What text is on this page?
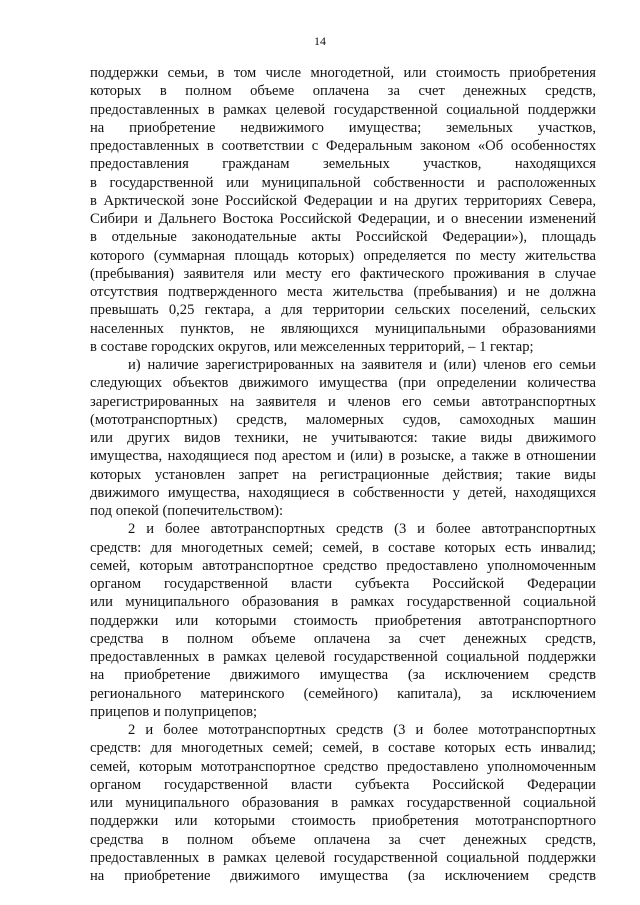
14
поддержки семьи, в том числе многодетной, или стоимость приобретения
которых в полном объеме оплачена за счет денежных средств,
предоставленных в рамках целевой государственной социальной поддержки
на приобретение недвижимого имущества; земельных участков,
предоставленных в соответствии с Федеральным законом «Об особенностях
предоставления гражданам земельных участков, находящихся
в государственной или муниципальной собственности и расположенных
в Арктической зоне Российской Федерации и на других территориях Севера,
Сибири и Дальнего Востока Российской Федерации, и о внесении изменений
в отдельные законодательные акты Российской Федерации»), площадь
которого (суммарная площадь которых) определяется по месту жительства
(пребывания) заявителя или месту его фактического проживания в случае
отсутствия подтвержденного места жительства (пребывания) и не должна
превышать 0,25 гектара, а для территории сельских поселений, сельских
населенных пунктов, не являющихся муниципальными образованиями
в составе городских округов, или межселенных территорий, – 1 гектар;
и) наличие зарегистрированных на заявителя и (или) членов его семьи
следующих объектов движимого имущества (при определении количества
зарегистрированных на заявителя и членов его семьи автотранспортных
(мототранспортных) средств, маломерных судов, самоходных машин
или других видов техники, не учитываются: такие виды движимого
имущества, находящиеся под арестом и (или) в розыске, а также в отношении
которых установлен запрет на регистрационные действия; такие виды
движимого имущества, находящиеся в собственности у детей, находящихся
под опекой (попечительством):
2 и более автотранспортных средств (3 и более автотранспортных
средств: для многодетных семей; семей, в составе которых есть инвалид;
семей, которым автотранспортное средство предоставлено уполномоченным
органом государственной власти субъекта Российской Федерации
или муниципального образования в рамках государственной социальной
поддержки или которыми стоимость приобретения автотранспортного
средства в полном объеме оплачена за счет денежных средств,
предоставленных в рамках целевой государственной социальной поддержки
на приобретение движимого имущества (за исключением средств
регионального материнского (семейного) капитала), за исключением
прицепов и полуприцепов;
2 и более мототранспортных средств (3 и более мототранспортных
средств: для многодетных семей; семей, в составе которых есть инвалид;
семей, которым мототранспортное средство предоставлено уполномоченным
органом государственной власти субъекта Российской Федерации
или муниципального образования в рамках государственной социальной
поддержки или которыми стоимость приобретения мототранспортного
средства в полном объеме оплачена за счет денежных средств,
предоставленных в рамках целевой государственной социальной поддержки
на приобретение движимого имущества (за исключением средств
